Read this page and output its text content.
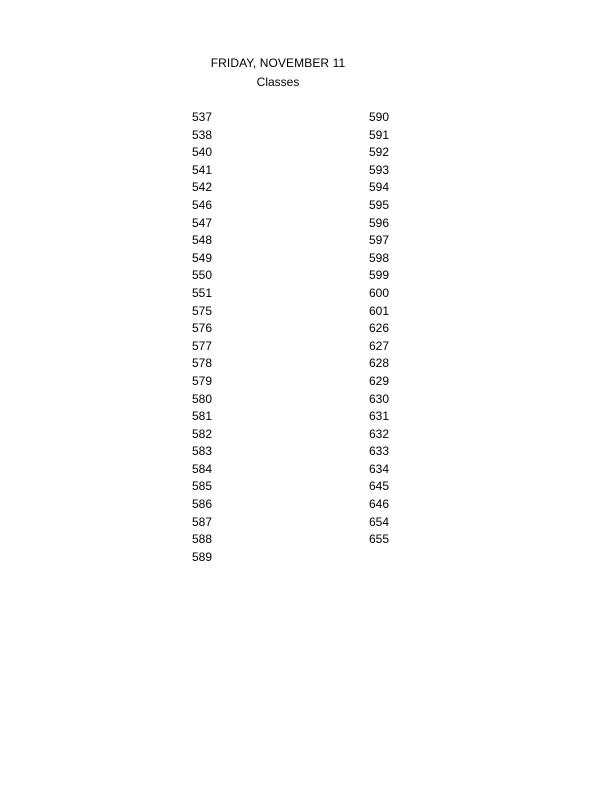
FRIDAY, NOVEMBER 11
Classes
537
538
540
541
542
546
547
548
549
550
551
575
576
577
578
579
580
581
582
583
584
585
586
587
588
589
590
591
592
593
594
595
596
597
598
599
600
601
626
627
628
629
630
631
632
633
634
645
646
654
655
